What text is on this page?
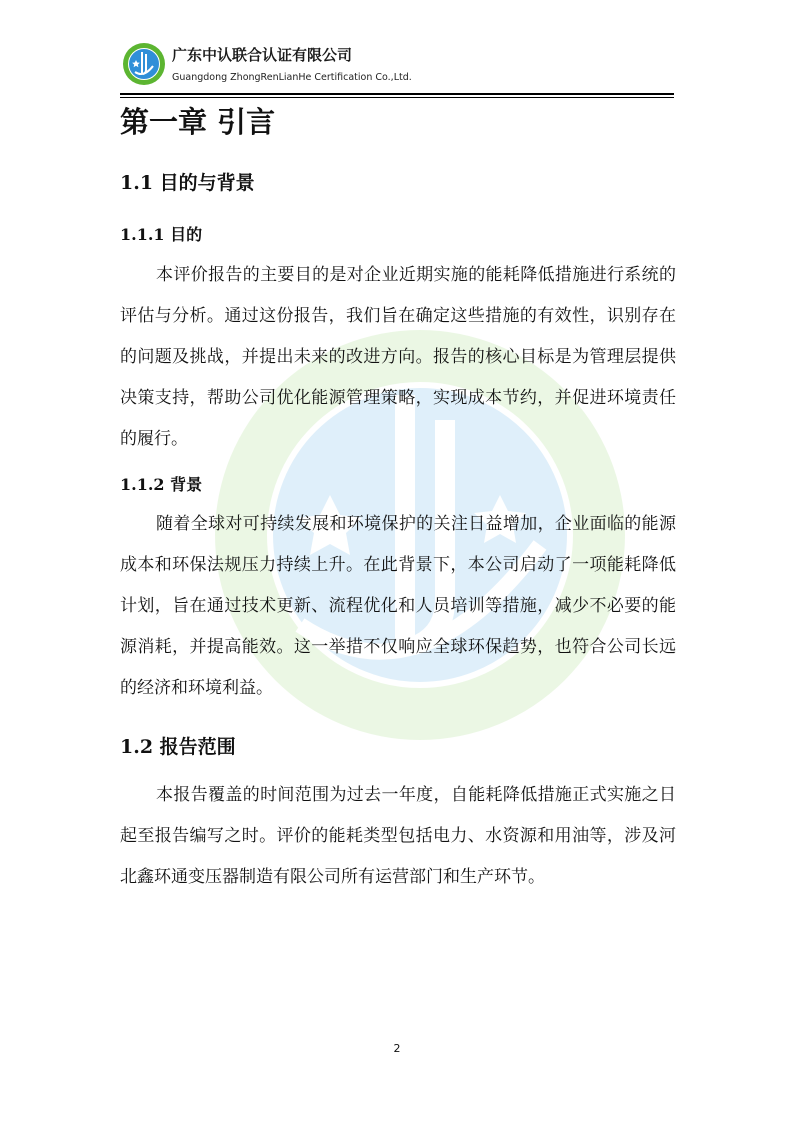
广东中认联合认证有限公司
Guangdong ZhongRenLianHe Certification Co.,Ltd.
第一章 引言
1.1 目的与背景
1.1.1 目的

本评价报告的主要目的是对企业近期实施的能耗降低措施进行系统的评估与分析。通过这份报告，我们旨在确定这些措施的有效性，识别存在的问题及挑战，并提出未来的改进方向。报告的核心目标是为管理层提供决策支持，帮助公司优化能源管理策略，实现成本节约，并促进环境责任的履行。

1.1.2 背景

随着全球对可持续发展和环境保护的关注日益增加，企业面临的能源成本和环保法规压力持续上升。在此背景下，本公司启动了一项能耗降低计划，旨在通过技术更新、流程优化和人员培训等措施，减少不必要的能源消耗，并提高能效。这一举措不仅响应全球环保趋势，也符合公司长远的经济和环境利益。

1.2 报告范围

本报告覆盖的时间范围为过去一年度，自能耗降低措施正式实施之日起至报告编写之时。评价的能耗类型包括电力、水资源和用油等，涉及河北鑫环通变压器制造有限公司所有运营部门和生产环节。

2
